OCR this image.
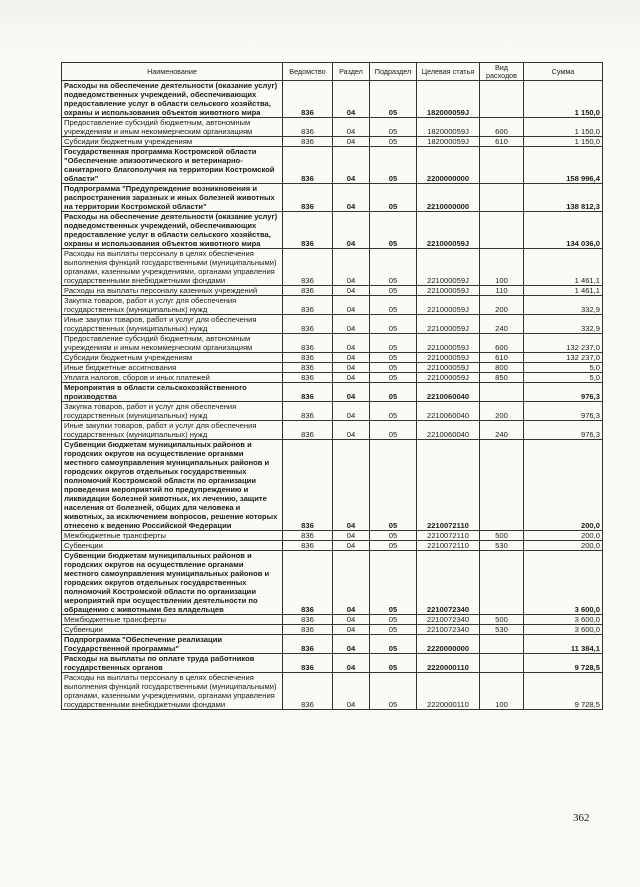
Наименование	Ведомство	Раздел	Подраздел	Целевая статья	Вид расходов	Сумма
Расходы на обеспечение деятельности (оказание услуг) подведомственных учреждений, обеспечивающих предоставление услуг в области сельского хозяйства, охраны и использования объектов животного мира	836	04	05	182000059J		1 150,0
Предоставление субсидий бюджетным, автономным учреждениям и иным некоммерческим организациям	836	04	05	182000059J	600	1 150,0
Субсидии бюджетным учреждениям	836	04	05	182000059J	610	1 150,0
Государственная программа Костромской области "Обеспечение эпизоотического и ветеринарно-санитарного благополучия на территории Костромской области"	836	04	05	2200000000		158 996,4
Подпрограмма "Предупреждение возникновения и распространения заразных и иных болезней животных на территории Костромской области"	836	04	05	2210000000		138 812,3
Расходы на обеспечение деятельности (оказание услуг) подведомственных учреждений, обеспечивающих предоставление услуг в области сельского хозяйства, охраны и использования объектов животного мира	836	04	05	221000059J		134 036,0
Расходы на выплаты персоналу в целях обеспечения выполнения функций государственными (муниципальными) органами, казенными учреждениями, органами управления государственными внебюджетными фондами	836	04	05	221000059J	100	1 461,1
Расходы на выплаты персоналу казенных учреждений	836	04	05	221000059J	110	1 461,1
Закупка товаров, работ и услуг для обеспечения государственных (муниципальных) нужд	836	04	05	221000059J	200	332,9
Иные закупки товаров, работ и услуг для обеспечения государственных (муниципальных) нужд	836	04	05	221000059J	240	332,9
Предоставление субсидий бюджетным, автономным учреждениям и иным некоммерческим организациям	836	04	05	221000059J	600	132 237,0
Субсидии бюджетным учреждениям	836	04	05	221000059J	610	132 237,0
Иные бюджетные ассигнования	836	04	05	221000059J	800	5,0
Уплата налогов, сборов и иных платежей	836	04	05	221000059J	850	5,0
Мероприятия в области сельскохозяйственного производства	836	04	05	2210060040		976,3
Закупка товаров, работ и услуг для обеспечения государственных (муниципальных) нужд	836	04	05	2210060040	200	976,3
Иные закупки товаров, работ и услуг для обеспечения государственных (муниципальных) нужд	836	04	05	2210060040	240	976,3
Субвенции бюджетам муниципальных районов и городских округов на осуществление органами местного самоуправления муниципальных районов и городских округов отдельных государственных полномочий Костромской области по организации проведения мероприятий по предупреждению и ликвидации болезней животных, их лечению, защите населения от болезней, общих для человека и животных, за исключением вопросов, решение которых отнесено к ведению Российской Федерации	836	04	05	2210072110		200,0
Межбюджетные трансферты	836	04	05	2210072110	500	200,0
Субвенции	836	04	05	2210072110	530	200,0
Субвенции бюджетам муниципальных районов и городских округов на осуществление органами местного самоуправления муниципальных районов и городских округов отдельных государственных полномочий Костромской области по организации мероприятий при осуществлении деятельности по обращению с животными без владельцев	836	04	05	2210072340		3 600,0
Межбюджетные трансферты	836	04	05	2210072340	500	3 600,0
Субвенции	836	04	05	2210072340	530	3 600,0
Подпрограмма "Обеспечение реализации Государственной программы"	836	04	05	2220000000		11 384,1
Расходы на выплаты по оплате труда работников государственных органов	836	04	05	2220000110		9 728,5
Расходы на выплаты персоналу в целях обеспечения выполнения функций государственными (муниципальными) органами, казенными учреждениями, органами управления государственными внебюджетными фондами	836	04	05	2220000110	100	9 728,5
362
